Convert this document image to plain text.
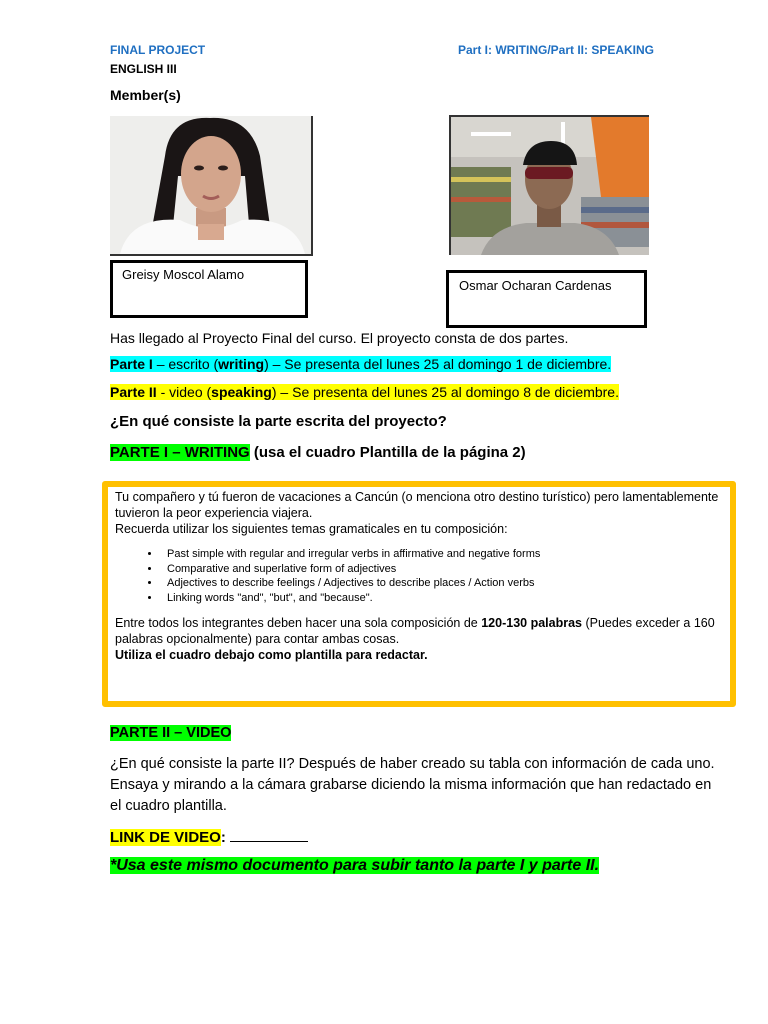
FINAL PROJECT	Part I: WRITING/Part II: SPEAKING
ENGLISH III
Member(s)
Greisy Moscol Alamo
Osmar Ocharan Cardenas
Has llegado al Proyecto Final del curso. El proyecto consta de dos partes.
Parte I – escrito (writing) – Se presenta del lunes 25 al domingo 1 de diciembre.
Parte II - video (speaking) – Se presenta del lunes 25 al domingo 8 de diciembre.
¿En qué consiste la parte escrita del proyecto?
PARTE I – WRITING (usa el cuadro Plantilla de la página 2)
Tu compañero y tú fueron de vacaciones a Cancún (o menciona otro destino turístico) pero lamentablemente tuvieron la peor experiencia viajera.
Recuerda utilizar los siguientes temas gramaticales en tu composición:
• Past simple with regular and irregular verbs in affirmative and negative forms
• Comparative and superlative form of adjectives
• Adjectives to describe feelings / Adjectives to describe places / Action verbs
• Linking words "and", "but", and "because".
Entre todos los integrantes deben hacer una sola composición de 120-130 palabras (Puedes exceder a 160 palabras opcionalmente) para contar ambas cosas.
Utiliza el cuadro debajo como plantilla para redactar.
PARTE II – VIDEO
¿En qué consiste la parte II? Después de haber creado su tabla con información de cada uno. Ensaya y mirando a la cámara grabarse diciendo la misma información que han redactado en el cuadro plantilla.
LINK DE VIDEO:
*Usa este mismo documento para subir tanto la parte I y parte II.
